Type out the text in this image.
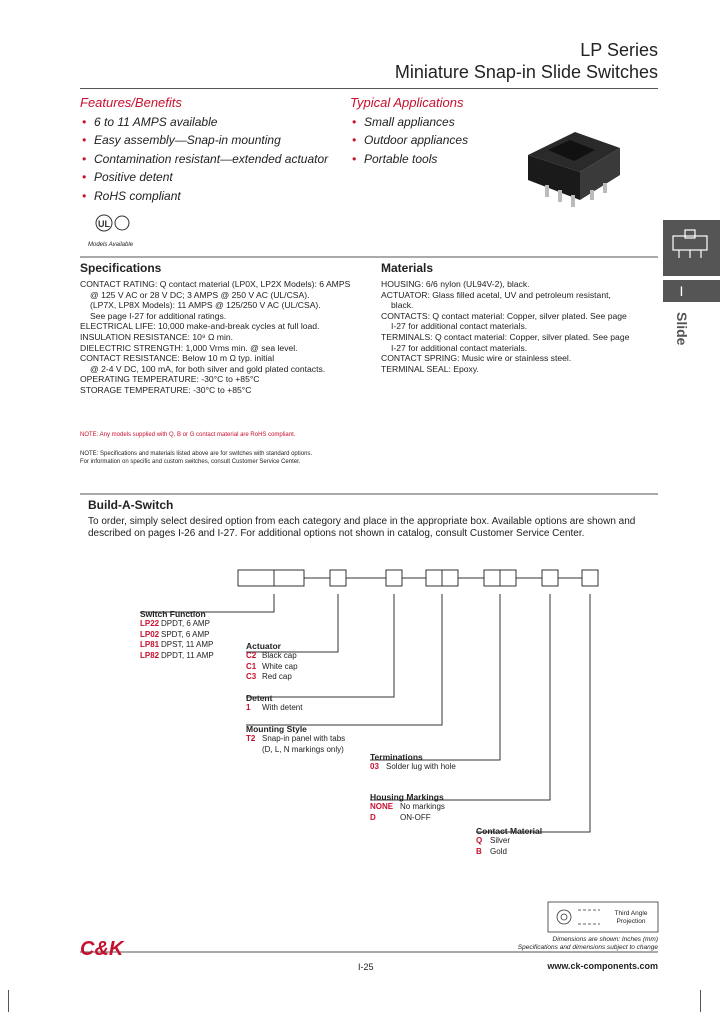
LP Series
Miniature Snap-in Slide Switches
Features/Benefits
• 6 to 11 AMPS available
• Easy assembly—Snap-in mounting
• Contamination resistant—extended actuator
• Positive detent
• RoHS compliant
Typical Applications
• Small appliances
• Outdoor appliances
• Portable tools
UL
Models Available
Specifications
CONTACT RATING: Q contact material (LP0X, LP2X Models): 6 AMPS
@ 125 V AC or 28 V DC; 3 AMPS @ 250 V AC (UL/CSA).
(LP7X, LP8X Models): 11 AMPS @ 125/250 V AC (UL/CSA).
See page I-27 for additional ratings.
ELECTRICAL LIFE: 10,000 make-and-break cycles at full load.
INSULATION RESISTANCE: 10⁹ Ω min.
DIELECTRIC STRENGTH: 1,000 Vrms min. @ sea level.
CONTACT RESISTANCE: Below 10 m Ω typ. initial
@ 2-4 V DC, 100 mA, for both silver and gold plated contacts.
OPERATING TEMPERATURE: -30°C to +85°C
STORAGE TEMPERATURE: -30°C to +85°C
NOTE: Any models supplied with Q, B or G contact material are RoHS compliant.
NOTE: Specifications and materials listed above are for switches with standard options.
For information on specific and custom switches, consult Customer Service Center.
Materials
HOUSING: 6/6 nylon (UL94V-2), black.
ACTUATOR: Glass filled acetal, UV and petroleum resistant,
black.
CONTACTS: Q contact material: Copper, silver plated. See page
I-27 for additional contact materials.
TERMINALS: Q contact material: Copper, silver plated. See page
I-27 for additional contact materials.
CONTACT SPRING: Music wire or stainless steel.
TERMINAL SEAL: Epoxy.
Build-A-Switch
To order, simply select desired option from each category and place in the appropriate box. Available options are shown and
described on pages I-26 and I-27. For additional options not shown in catalog, consult Customer Service Center.
Switch Function
LP22 DPDT, 6 AMP
LP02 SPDT, 6 AMP
LP81 DPST, 11 AMP
LP82 DPDT, 11 AMP
Actuator
C2 Black cap
C1 White cap
C3 Red cap
Detent
1 With detent
Mounting Style
T2 Snap-in panel with tabs
(D, L, N markings only)
Terminations
03 Solder lug with hole
Housing Markings
NONE No markings
D	ON-OFF
Contact Material
Q Silver
B Gold
Third Angle
Projection
Dimensions are shown: Inches (mm)
Specifications and dimensions subject to change
C&K
I-25	www.ck-components.com
I
Slide
